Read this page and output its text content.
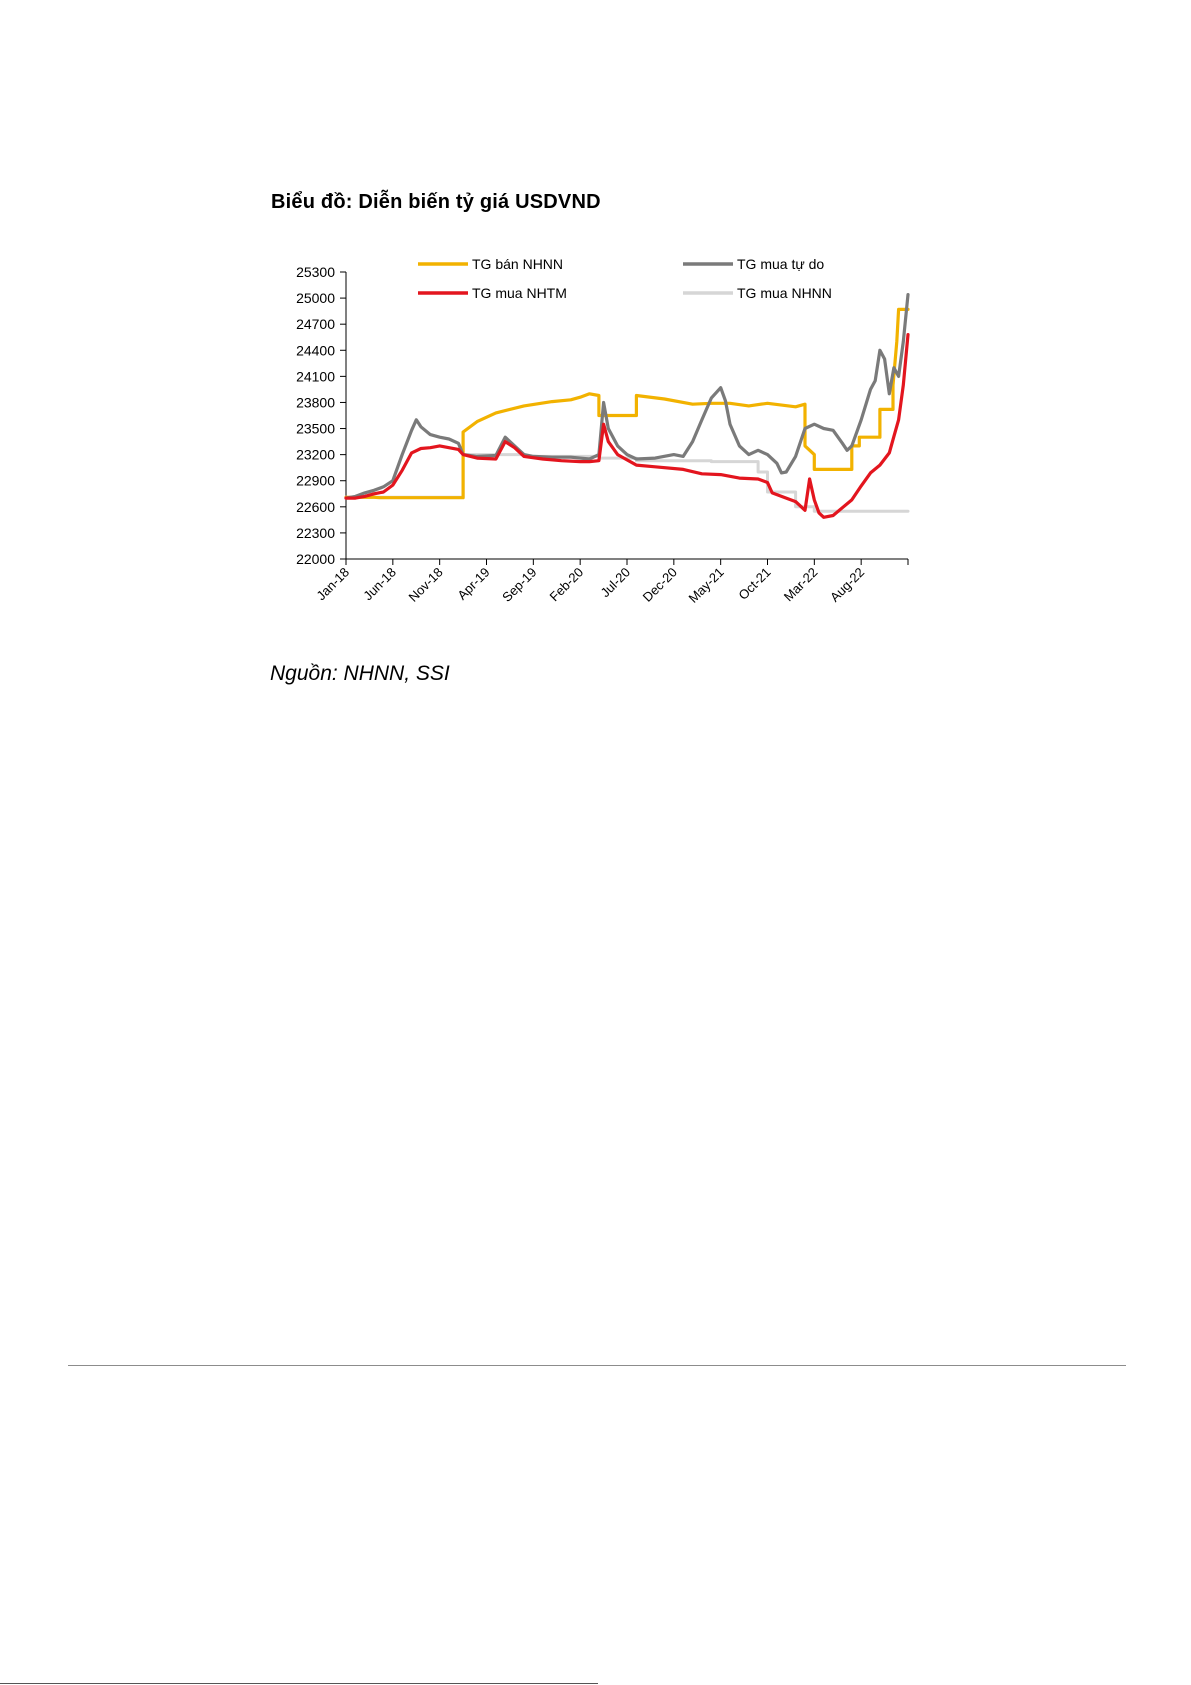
Biểu đồ: Diễn biến tỷ giá USDVND
25300
25000
24700
24400
24100
23800
23500
23200
22900
22600
22300
22000
Jan-18 Jun-18 Nov-18 Apr-19 Sep-19 Feb-20 Jul-20 Dec-20 May-21 Oct-21 Mar-22 Aug-22
TG bán NHNN	TG mua tự do
TG mua NHTM	TG mua NHNN
Nguồn: NHNN, SSI
